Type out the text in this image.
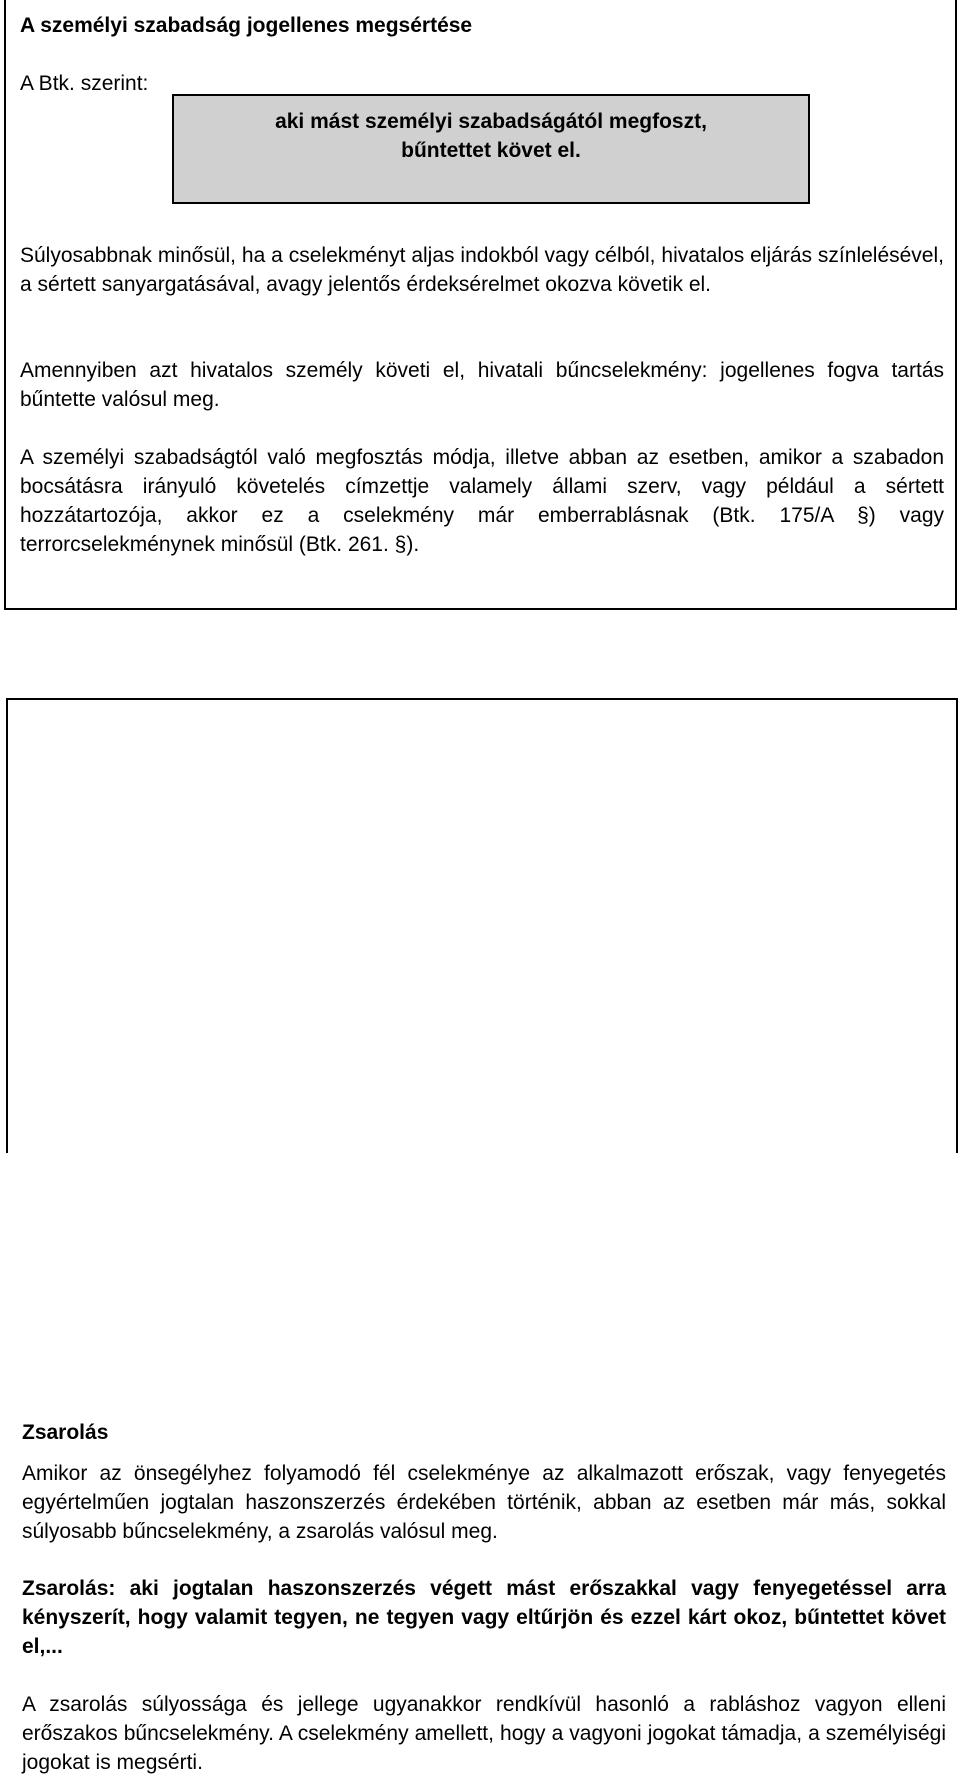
A személyi szabadság jogellenes megsértése

A Btk. szerint:

aki mást személyi szabadságától megfoszt,
bűntettet követ el.

Súlyosabbnak minősül, ha a cselekményt aljas indokból vagy célból, hivatalos eljárás színlelésével, a sértett sanyargatásával, avagy jelentős érdeksérelmet okozva követik el.

Amennyiben azt hivatalos személy követi el, hivatali bűncselekmény: jogellenes fogva tartás bűntette valósul meg.

A személyi szabadságtól való megfosztás módja, illetve abban az esetben, amikor a szabadon bocsátásra irányuló követelés címzettje valamely állami szerv, vagy például a sértett hozzátartozója, akkor ez a cselekmény már emberrablásnak (Btk. 175/A §) vagy terrorcselekménynek minősül (Btk. 261. §).

Zsarolás

Amikor az önsegélyhez folyamodó fél cselekménye az alkalmazott erőszak, vagy fenyegetés egyértelműen jogtalan haszonszerzés érdekében történik, abban az esetben már más, sokkal súlyosabb bűncselekmény, a zsarolás valósul meg.

Zsarolás: aki jogtalan haszonszerzés végett mást erőszakkal vagy fenyegetéssel arra kényszerít, hogy valamit tegyen, ne tegyen vagy eltűrjön és ezzel kárt okoz, bűntettet követ el,...

A zsarolás súlyossága és jellege ugyanakkor rendkívül hasonló a rabláshoz vagyon elleni erőszakos bűncselekmény. A cselekmény amellett, hogy a vagyoni jogokat támadja, a személyiségi jogokat is megsérti.
